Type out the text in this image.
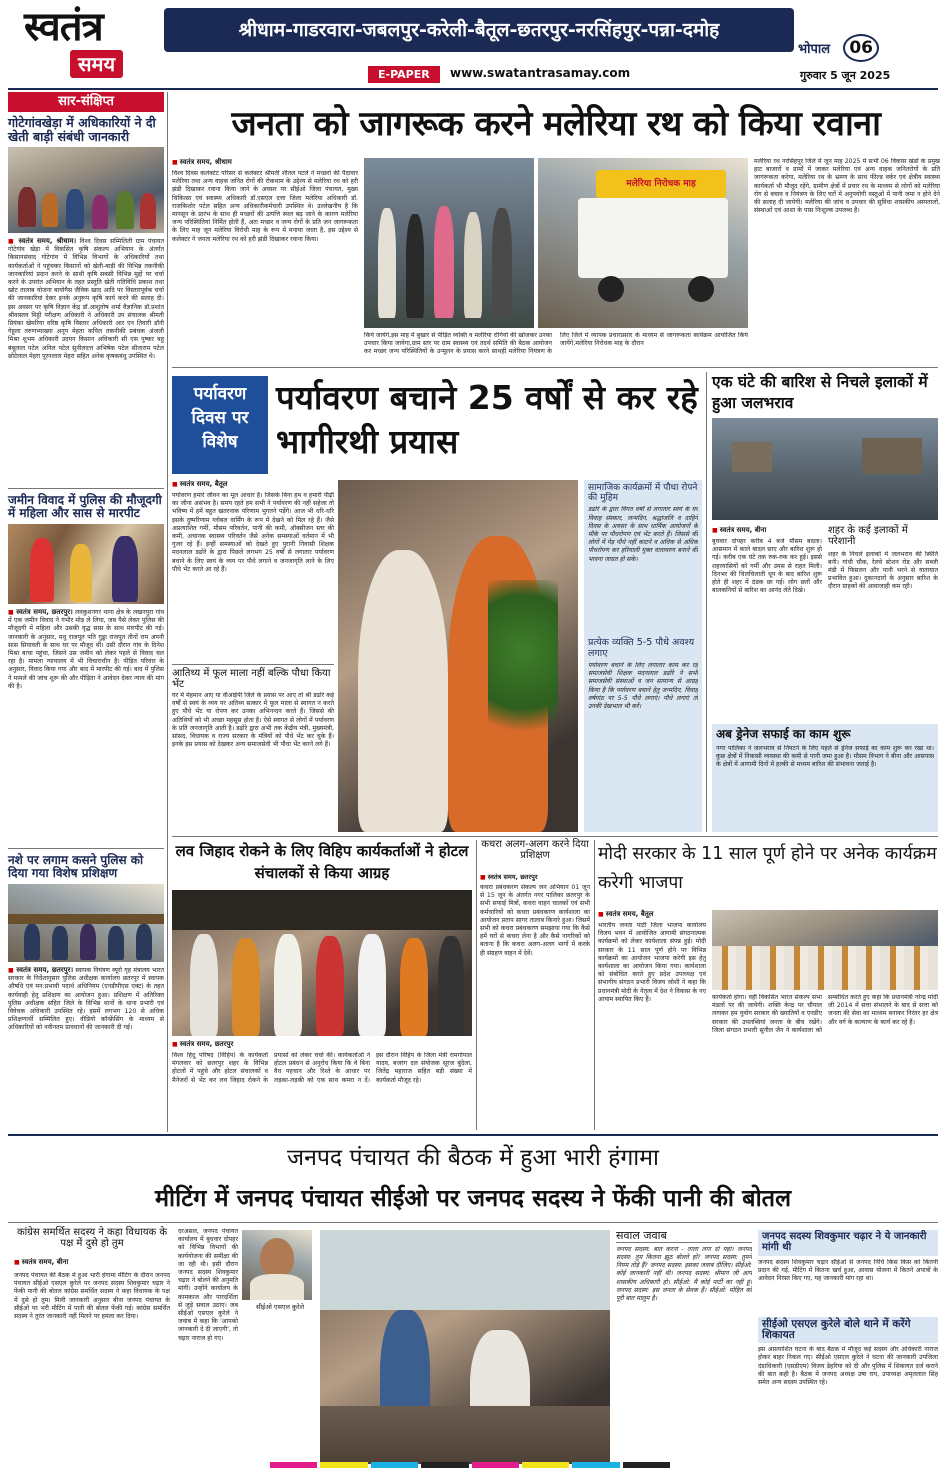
स्वतंत्र
समय
श्रीधाम-गाडरवारा-जबलपुर-करेली-बैतूल-छतरपुर-नरसिंहपुर-पन्ना-दमोह
भोपाल 06
E-PAPER	www.swatantrasamay.com	गुरुवार 5 जून 2025
सार-संक्षिप्त
गोटेगांवखेड़ा में अधिकारियों ने दी खेती बाड़ी संबंधी जानकारी
■ स्वतंत्र समय, श्रीधाम। विश्व दिवस सम्मिलिती ग्राम पंचायत गोटेगांव खेड़ा में विकसित कृषि संकल्प अभियान के अंतर्गत किसानसंवाद गोटेगांव में विभिन्न विभागों के अधिकारियों तथा कार्यकर्ताओं ने पहुंचकर किसानों को खेती-बाड़ी की विभिन्न तकनीकी जानकारियां प्रदान करने के साथी कृषि सबसी विभिन्न मुद्दों पर चर्चा करने के उपरांत अभियान के तहत प्रस्तुति खेती गतिविधि प्रकाश तथा खोट तालाब योजना बायोगैस जैविक खाद आदि पर विस्तारपूर्वक चर्चा की जानकारियां देकर इनके अनुरूप कृषि कार्य करने की सलाह दी। इस अवसर पर कृषि विज्ञान केंद्र डॉ.आशुतोष शर्मा वैज्ञानिक डॉ.प्रशांत श्रीवास्तव मिट्टी परीक्षण अधिकारी ने अधिकारी उप संचालक श्रीमती प्रियंका खेमरिया वरिष्ठ कृषि विस्तार अधिकारी आर एन तिवारी डॉनी गेहूला तरुणभ्याख्या अनूप मेहता कपिल तकनीकी प्रबंधक अंजली मिश्रा शुभम अधिकारी उदयन किसान अधिकारी सी एस पुष्कर बहू बंबूलाल पटेल अनिल पटेल सुनीलदत्त अभिषेक पटेल सीताराम पटेल छोटेलाल मेहरा पूरनलाल मेहरा सहित अनेक कृषकबंधु उपस्थित थे।
जमीन विवाद में पुलिस की मौजूदगी में महिला और सास से मारपीट
■ स्वतंत्र समय, छतरपुर। लवकुशनगर थाना क्षेत्र के लखनपुरा गांव में एक जमीन विवाद ने गंभीर मोड़ ले लिया, जब पैसे लेकर पुलिस की मौजूदगी में महिला और उसकी वृद्ध सास के साथ मारपीट की गई। जानकारी के अनुसार, मधु राजपूत पति गुड्डा राजपूत तीनों राम अपनी सास सियावती के साथ घर पर मौजूद थीं। उसी दौरान गांव के दिनेश मिश्रा बाचा पहुंचा, जिसने उस जमीन को लेकर पहले से विवाद चल रहा है। मामला न्यायालय में भी विचाराधीन है। पीड़ित परिवार के अनुसार, विवाद किया गया और बाद में मारपीट की गई। बाद में पुलिस ने मामले की जांच शुरू की और पीड़िता ने आवेदन देकर न्याय की मांग की है।
नशे पर लगाम कसने पुलिस को दिया गया विशेष प्रशिक्षण
■ स्वतंत्र समय, छतरपुर। स्वापक नियंत्रण ब्यूरो गृह मंत्रालय भारत सरकार के निर्देशानुसार पुलिस अधीक्षक कार्यालय छतरपुर में स्वापक औषधि एवं मन:प्रभावी पदार्थ अधिनियम (एनडीपीएस एक्ट) के तहत कार्यवाही हेतु प्रशिक्षण का आयोजन हुआ। प्रशिक्षण में अतिरिक्त पुलिस अधीक्षक सहित जिले के विभिन्न थानों के थाना प्रभारी एवं विवेचक अधिकारी उपस्थित रहे। इसमें लगभग 120 से अधिक प्रशिक्षणार्थी सम्मिलित हुए। वीडियो कॉन्फ्रेंसिंग के माध्यम से अधिकारियों को नवीनतम प्रावधानों की जानकारी दी गई।
जनता को जागरूक करने मलेरिया रथ को किया रवाना
■ स्वतंत्र समय, श्रीधाम
विश्व दिवस कलेक्टेट परिसर से कलेक्टर श्रीमती शीतल पटले ने मच्छरों की पैदावार मलेरिया तथा अन्य वाहक जनित रोगों की रोकथाम के उद्देश्य से मलेरिया रथ को हरी झंडी दिखाकर रवाना किया जाने के अवसर पर सीईओ जिला पंचायत, मुख्य चिकित्सा एवं स्वास्थ्य अधिकारी डॉ.एसएल दत्ता जिला मलेरिया अधिकारी डॉ. राजकिशोर पटेल सहित अन्य अधिकारीकर्मचारी उपस्थित थे। उल्लेखनीय है कि मानसून के प्रारंभ के साथ ही मच्छरों की उत्पत्ति स्थल बढ़ जाने के कारण मलेरिया जन्य परिस्थितियां निर्मित होती हैं, अतः मच्छर व जन्य रोगों के प्रति जन जागरूकता के लिए माह जून मलेरिया विरोधी माह के रूप में मनाया जाता है, इस उद्देश्य से कलेक्टर ने जनता मलेरिया रथ को हरी झंडी दिखाकर रवाना किया।
मलेरिया निरोधक माह
किये जायेंगे,इस माह में बुखार से पीड़ित व्यक्ति व मलेरिया रोगियों की खोजकर उनका उपचार किया जायेगा,ग्राम स्तर पर ग्राम स्वास्थ्य एवं तदर्थ समिति की बैठक आयोजन कर मच्छर जन्य परिस्थितियों के उन्मूलन के प्रयास करने साथही मलेरिया नियंत्रण के लिए जिले में व्यापक प्रचारप्रसार के माध्यम से जागरूकता कार्यक्रम आयोजित किये जायेंगे,मलेरिया निरोधक माह के दौरान
मलेरिया रथ नरसिंहपुर जिले में जून माह 2025 में सभी 06 विकास खंडों के प्रमुख हाट बाजारों व ग्रामों में जाकर मलेरिया एवं अन्य वाहक जनितरोगों के प्रति जागरूकता करेगा, मलेरिया रथ के भ्रमण के साथ फील्ड वर्कर एवं क्षेत्रीय स्वास्थ्य कार्यकर्ता भी मौजूद रहेंगे, ग्रामीण क्षेत्रों में प्रचार रथ के माध्यम से लोगों को मलेरिया रोग से बचाव व नियंत्रण के लिए घरों में अनुपयोगी वस्तुओं में पानी जमा न होने देने की सलाह दी जायेगी। मलेरिया की जांच व उपचार की सुविधा शासकीय अस्पतालों, संस्थाओं एवं आशा के पास निःशुल्क उपलब्ध है।
पर्यावरण दिवस पर विशेष
पर्यावरण बचाने 25 वर्षों से कर रहे भागीरथी प्रयास
■ स्वतंत्र समय, बैतूल
पर्यावरण हमारे जीवन का मूल आधार है। जिसके बिना हम व हमारी पीढ़ी का जीना असंभव है। समय रहते हम सभी ने पर्यावरण की नहीं सहेजा तो भविष्य में हमें बहुत खतरनाक परिणाम भुगतने पड़ेंगे। आज भी धरि-धरि इसके दुष्परिणाम ग्लोबल वार्मिंग के रूप में देखने को मिल रहे हैं। जैसे अप्रत्याशित गर्मी, मौसम परिवर्तन, पानी की कमी, ऑक्सीजन स्तर की कमी, अचानक स्वास्थ्य परिवर्तन जैसे अनेक समस्याओं वर्तमान में भी गुजर रहे हैं। इन्हीं समस्याओं को देखते हुए पुरानी निवासी शिक्षक मदनलाल डढोरे के द्वारा पिछले लगभग 25 वर्षों से लगातार पर्यावरण बचाने के लिए स्वयं के व्यय पर पौधे लगाने व जनजागृति लाने के लिए पौधे भेंट करते आ रहे हैं।
आतिथ्य में फूल माला नहीं बल्कि पौधा किया भेंट
घर में मेहमान आए या वीआईपी जिले के प्रवास पर आए तो श्री डढोरे कई वर्षों से स्वयं के व्यय पर अतिथ्य सत्कार में फूल माला से स्वागत न करते हुए पौधे भेंट या रोपण कर उनका अभिनन्दन करते हैं। जिससे की अतिथियों को भी अच्छा महसूस होता है। ऐसे स्वागत से लोगों में पर्यावरण के प्रति जनजागृति आती है। डढोरे द्वारा अभी तक केंद्रीय मंत्री, मुख्यमंत्री, सांसद, विधायक व राज्य सरकार के मंत्रियों को पौधे भेंट कर चुके हैं। इनके इस प्रयास को देखकर अन्य समाजसेवी भी पौधा भेंट करने लगे हैं।
सामाजिक कार्यक्रमों में पौधा रोपने की मुहिम
डढोरे के द्वारा विगत वर्षों से लगातार स्वयं के घर विवाह संस्कार, जन्मदिन, श्रद्धांजलि व दाहिने दिवस के अवसर के साथ धार्मिक आयोजनों के मौके पर पौधरोपण एवं भेंट करते हैं। जिससे की लोगों में पेड़ पौधे नहीं काटने व अधिक से अधिक पौधरोपण कर हरियाली युक्त वातावरण बनाने की भावना जाग्रत हो सके।
प्रत्येक व्यक्ति 5-5 पौधे अवश्य लगाए
पर्यावरण बचाने के लिए लगातार काम कर रहे समाजसेवी शिक्षक मदनलाल डढोरे ने सभी समाजसेवी संस्थाओं व जन सामान्य से आग्रह किया है कि पर्यावरण बचाने हेतु जन्मदिन, विवाह वर्षगांठ पर 5-5 पौधे लगाएं। पौधे लगाएं तो उनकी देखभाल भी करें।
एक घंटे की बारिश से निचले इलाकों में हुआ जलभराव
■ स्वतंत्र समय, बीना
बुधवार दोपहर करीब 4 बजे मौसम बदला। आसमान में काले बादल छाए और बारिश शुरू हो गई। करीब एक घंटे तक रुक-रुक कर हुई। इससे शहरवासियों को गर्मी और उमस से राहत मिली। दिनभर की चिलचिलाती धूप के बाद बारिश शुरू होते ही शहर में ठंडक छा गई। लोग छतों और बालकनियों से बारिश का आनंद लेते दिखे।
शहर के कई इलाकों में परेशानी
शहर के निचले इलाकों में जलभराव की स्थिति बनी। गांधी चौक, रेलवे स्टेशन रोड और सब्जी मंडी में फिसलन और पानी भरने से यातायात प्रभावित हुआ। दुकानदारों के अनुसार बारिश के दौरान ग्राहकों की आवाजाही कम रही।
अब ड्रेनेज सफाई का काम शुरू
नगर पालिका ने जलभराव से निपटने के लिए पहले से ड्रेनेज सफाई का काम शुरू कर रखा था। कुछ क्षेत्रों में निकासी व्यवस्था की कमी से पानी जमा हुआ है। मौसम विभाग ने बीना और आसपास के क्षेत्रों में आगामी दिनों में हल्की से मध्यम बारिश की संभावना जताई है।
लव जिहाद रोकने के लिए विहिप कार्यकर्ताओं ने होटल संचालकों से किया आग्रह
■ स्वतंत्र समय, छतरपुर
विश्व हिंदू परिषद (विहिप) के कार्यकर्ता मंगलवार को छतरपुर शहर के विभिन्न होटलों में पहुंचे और होटल संचालकों व मैनेजरों से भेंट कर लव जिहाद रोकने के प्रयासों को लेकर चर्चा की। कार्यकर्ताओं ने होटल प्रबंधन से अनुरोध किया कि वे बिना वैध पहचान और रिश्ते के आधार पर लड़का-लड़की को एक साथ कमरा न दें। इस दौरान विहिप के जिला मंत्री रामगोपाल यादव, बजरंग दल संयोजक सूरज बुंदेला, जितेंद्र महाराज सहित बड़ी संख्या में कार्यकर्ता मौजूद रहे।
कचरा अलग-अलग करने दिया प्रशिक्षण
■ स्वतंत्र समय, छतरपुर
कचरा प्रबंधकरण संकल्प जन अभियान 01 जून से 15 जून के अंतर्गत नगर पालिका छतरपुर के सभी सफाई मित्रों, कचरा वाहन चालकों एवं सभी कर्मचारियों को कचरा प्रबंधकरण कार्यशाला का आयोजन प्रताप सागर तालाब किनारे हुआ। जिसमें सभी को कचरा प्रबंधकरण समझाया गया कि कैसे हमें घरों से कचरा लेना है और कैसे नागरिकों को बताना है कि कचरा अलग-अलग भागों में करके ही संग्रहण वाहन में देवें।
मोदी सरकार के 11 साल पूर्ण होने पर अनेक कार्यक्रम करेगी भाजपा
■ स्वतंत्र समय, बैतूल
भारतीय जनता पार्टी जिला भाजपा कार्यालय विजय भवन में आयोजित आगामी संगठनात्मक कार्यक्रमों को लेकर कार्यशाला संपन्न हुई। मोदी सरकार के 11 साल पूर्ण होने पर विभिन्न कार्यक्रमों का आयोजन भाजपा करेगी इस हेतु कार्यशाला का आयोजन किया गया। कार्यशाला को संबोधित करते हुए प्रदेश उपाध्यक्ष एवं संभागीय संगठन प्रभारी विजय जोशी ने कहा कि प्रधानमंत्री मोदी के नेतृत्व में देश ने विकास के नए आयाम स्थापित किए हैं।	कार्यकर्ता होगा। वहीं विकसित भारत संकल्प सभा मंडलों पर की जायेगी। शक्ति केन्द्र पर चौपाल लगाकर हम युवोग सरकार की ख्यातियों व एनडीए सरकार की उपलब्धियां जनता के बीच रखेंगे। जिला संगठन प्रभारी सुनील जैन ने कार्यशाला को सम्बोधित करते हुए कहा कि प्रधानमंत्री नरेन्द्र मोदी जी 2014 में सत्ता संभालने के बाद से सत्ता को जनता की सेवा का माध्यम बनाकर निरंतर हर क्षेत्र और वर्ग के कल्याण के कार्य कर रहे हैं।
जनपद पंचायत की बैठक में हुआ भारी हंगामा
मीटिंग में जनपद पंचायत सीईओ पर जनपद सदस्य ने फेंकी पानी की बोतल
कांग्रेस समर्थित सदस्य ने कहा विधायक के पक्ष में दुसे हो तुम
■ स्वतंत्र समय, बीना
जनपद पंचायत की बैठक में हुआ भारी हंगामा मीटिंग के दौरान जनपद पंचायत सीईओ एसएल कुरेले पर जनपद सदस्य शिवकुमार चढ़ार ने फेंकी पानी की बोतल कांग्रेस समर्थित सदस्य ने कहा विधायक के पक्ष में दुसे हो तुम। मिली जानकारी अनुसार बीना जनपद पंचायत के सीईओ पर भरी मीटिंग में पानी की बोतल फेंकी गई। कांग्रेस समर्थित सदस्य ने तुरंत जानकारी नहीं मिलने पर हमला कर दिया।
दरअसल, जनपद पंचायत कार्यालय में बुधवार दोपहर को विभिन्न विभागों की कार्ययोजना की समीक्षा की जा रही थी। इसी दौरान जनपद सदस्य शिवकुमार चढ़ार ने बोलने की अनुमति मांगी। उन्होंने कार्यालय के कामकाज और पारदर्शिता से जुड़े सवाल उठाए। जब सीईओ एसएल कुरेले ने जवाब में कहा कि 'आपको जानकारी दे दी जाएगी', तो चढ़ार नाराज हो गए।
सीईओ एसएल कुरेले
सवाल जवाब
जनपद सदस्य: बात करना - ताला लगा दो यहां। जनपद सदस्य: तुम कितना झूठ बोलते हो? जनपद सदस्य: तुमने नियम तोड़े हैं? जनपद सदस्य: इसका जवाब दीजिए। सीईओ: कोई जानकारी नहीं थी। जनपद सदस्य: श्रीमान जी आप शासकीय अधिकारी हो। सीईओ: मैं कोई पार्टी का नहीं हूं। जनपद सदस्य: इस जनता के सेवक हैं। सीईओ: मोहित को पूरी बात मालूम है।
जनपद सदस्य शिवकुमार चढ़ार ने ये जानकारी मांगी थी
जनपद सदस्य शिवकुमार चढ़ार सीईओ से जनपद निधि किस किस को कितनी प्रदान की गई, मीटिंग में कितना खर्च हुआ, आवास योजना में कितने अपात्रों के आवेदन निरस्त किए गए, यह जानकारी मांग रहा था।
सीईओ एसएल कुरेले बोले थाने में करेंगे शिकायत
इस अप्रत्याशित घटना के बाद बैठक में मौजूद कई सदस्य और अधिकारी नाराज होकर बाहर निकल गए। सीईओ एसएल कुरेले ने घटना की जानकारी उपजिला दंडाधिकारी (एसडीएम) विजय डेहरिया को दी और पुलिस में शिकायत दर्ज कराने की बात कही है। बैठक में जनपद अध्यक्ष उषा राय, उपाध्यक्ष अमृतलाल सिंह समेत अन्य सदस्य उपस्थित रहे।
